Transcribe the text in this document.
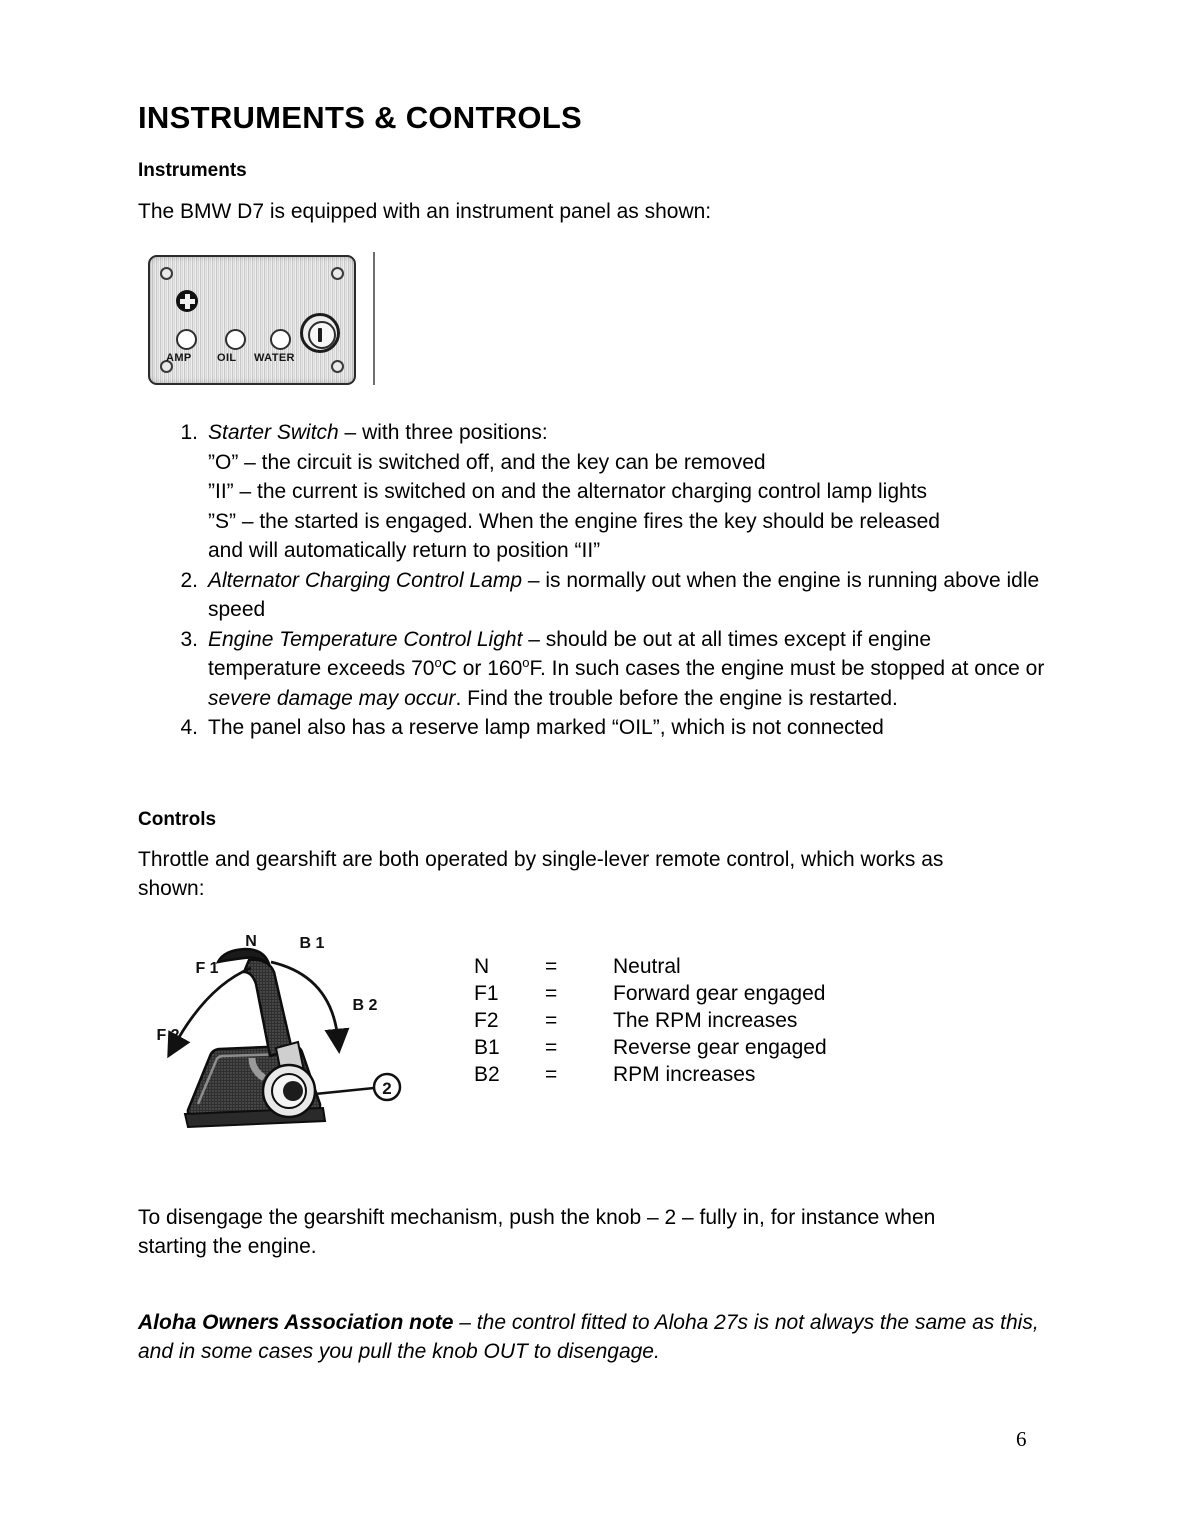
INSTRUMENTS & CONTROLS
Instruments
The BMW D7 is equipped with an instrument panel as shown:
AMP OIL WATER

1. Starter Switch – with three positions:
”O” – the circuit is switched off, and the key can be removed
”II” – the current is switched on and the alternator charging control lamp lights
”S” – the started is engaged. When the engine fires the key should be released
and will automatically return to position “II”

2. Alternator Charging Control Lamp – is normally out when the engine is running above idle speed

3. Engine Temperature Control Light – should be out at all times except if engine temperature exceeds 70$^o$C or 160$^o$F. In such cases the engine must be stopped at once or severe damage may occur. Find the trouble before the engine is restarted.

4. The panel also has a reserve lamp marked “OIL”, which is not connected

Controls
Throttle and gearshift are both operated by single-lever remote control, which works as
shown:
2
N
F 1
F 2
B 1
B 2
N	=	Neutral
F1	=	Forward gear engaged
F2	=	The RPM increases
B1	=	Reverse gear engaged
B2	=	RPM increases
To disengage the gearshift mechanism, push the knob – 2 – fully in, for instance when
starting the engine.
Aloha Owners Association note – the control fitted to Aloha 27s is not always the same as this, and in some cases you pull the knob OUT to disengage.
6
